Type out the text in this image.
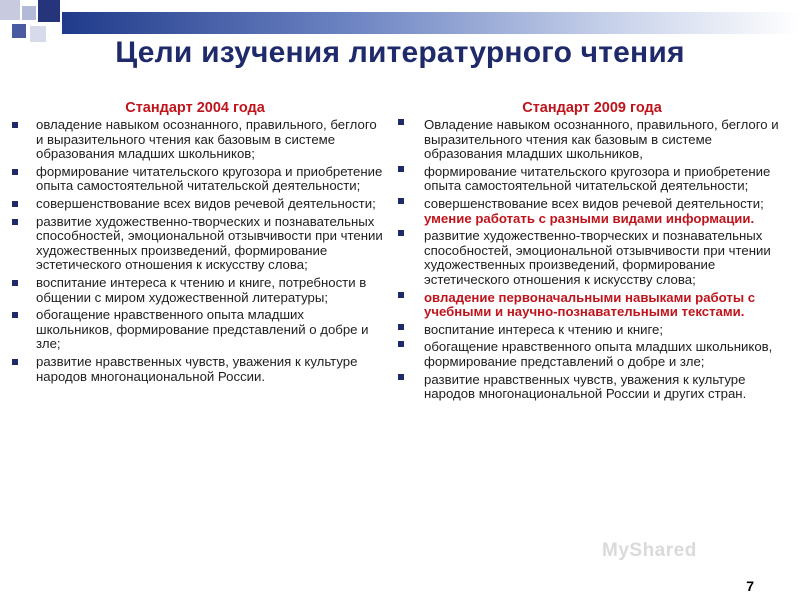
Цели изучения литературного чтения
Стандарт 2004 года
овладение навыком осознанного, правильного, беглого и выразительного чтения как базовым в системе образования младших школьников;
формирование читательского кругозора и приобретение опыта самостоятельной читательской деятельности;
совершенствование всех видов речевой деятельности;
развитие художественно-творческих и познавательных способностей, эмоциональной отзывчивости при чтении художественных произведений, формирование эстетического отношения к искусству слова;
воспитание интереса к чтению и книге, потребности в общении с миром художественной литературы;
обогащение нравственного опыта младших школьников, формирование представлений о добре и зле;
развитие нравственных чувств, уважения к культуре народов многонациональной России.
Стандарт 2009 года
Овладение навыком осознанного, правильного, беглого и выразительного чтения как базовым в системе образования младших школьников,
формирование читательского кругозора и приобретение опыта самостоятельной читательской деятельности;
совершенствование всех видов речевой деятельности; умение работать с разными видами информации.
развитие художественно-творческих и познавательных способностей, эмоциональной отзывчивости при чтении художественных произведений, формирование эстетического отношения к искусству слова;
овладение первоначальными навыками работы с учебными и научно-познавательными текстами.
воспитание интереса к чтению и книге;
обогащение нравственного опыта младших школьников, формирование представлений о добре и зле;
развитие нравственных чувств, уважения к культуре народов многонациональной России и других стран.
MyShared
7
